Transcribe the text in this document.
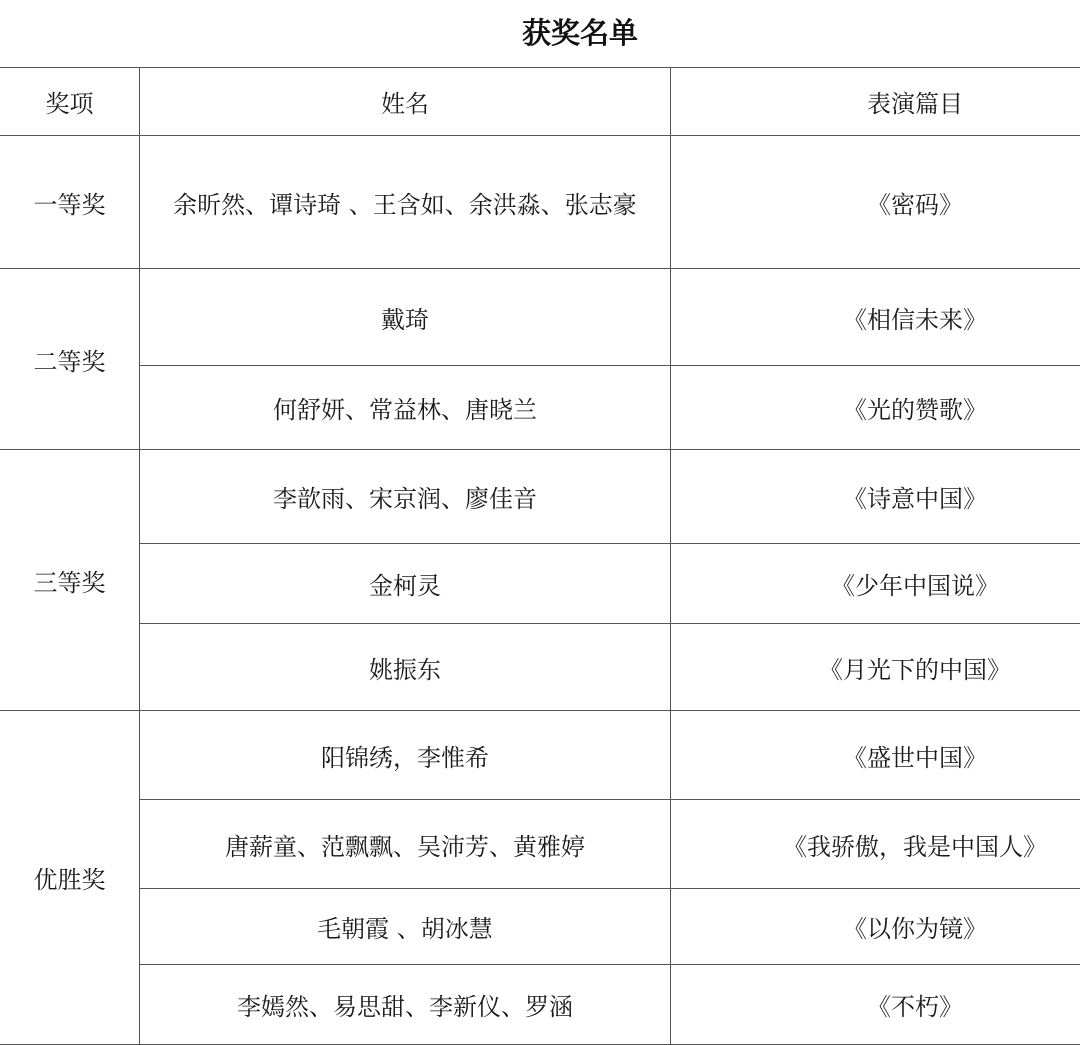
获奖名单
奖项	姓名	表演篇目
一等奖	余昕然、谭诗琦 、王含如、余洪淼、张志豪	《密码》
二等奖	戴琦	《相信未来》
	何舒妍、常益林、唐晓兰	《光的赞歌》
三等奖	李歆雨、宋京润、廖佳音	《诗意中国》
	金柯灵	《少年中国说》
	姚振东	《月光下的中国》
优胜奖	阳锦绣，李惟希	《盛世中国》
	唐薪童、范飘飘、吴沛芳、黄雅婷	《我骄傲，我是中国人》
	毛朝霞 、胡冰慧	《以你为镜》
	李嫣然、易思甜、李新仪、罗涵	《不朽》
